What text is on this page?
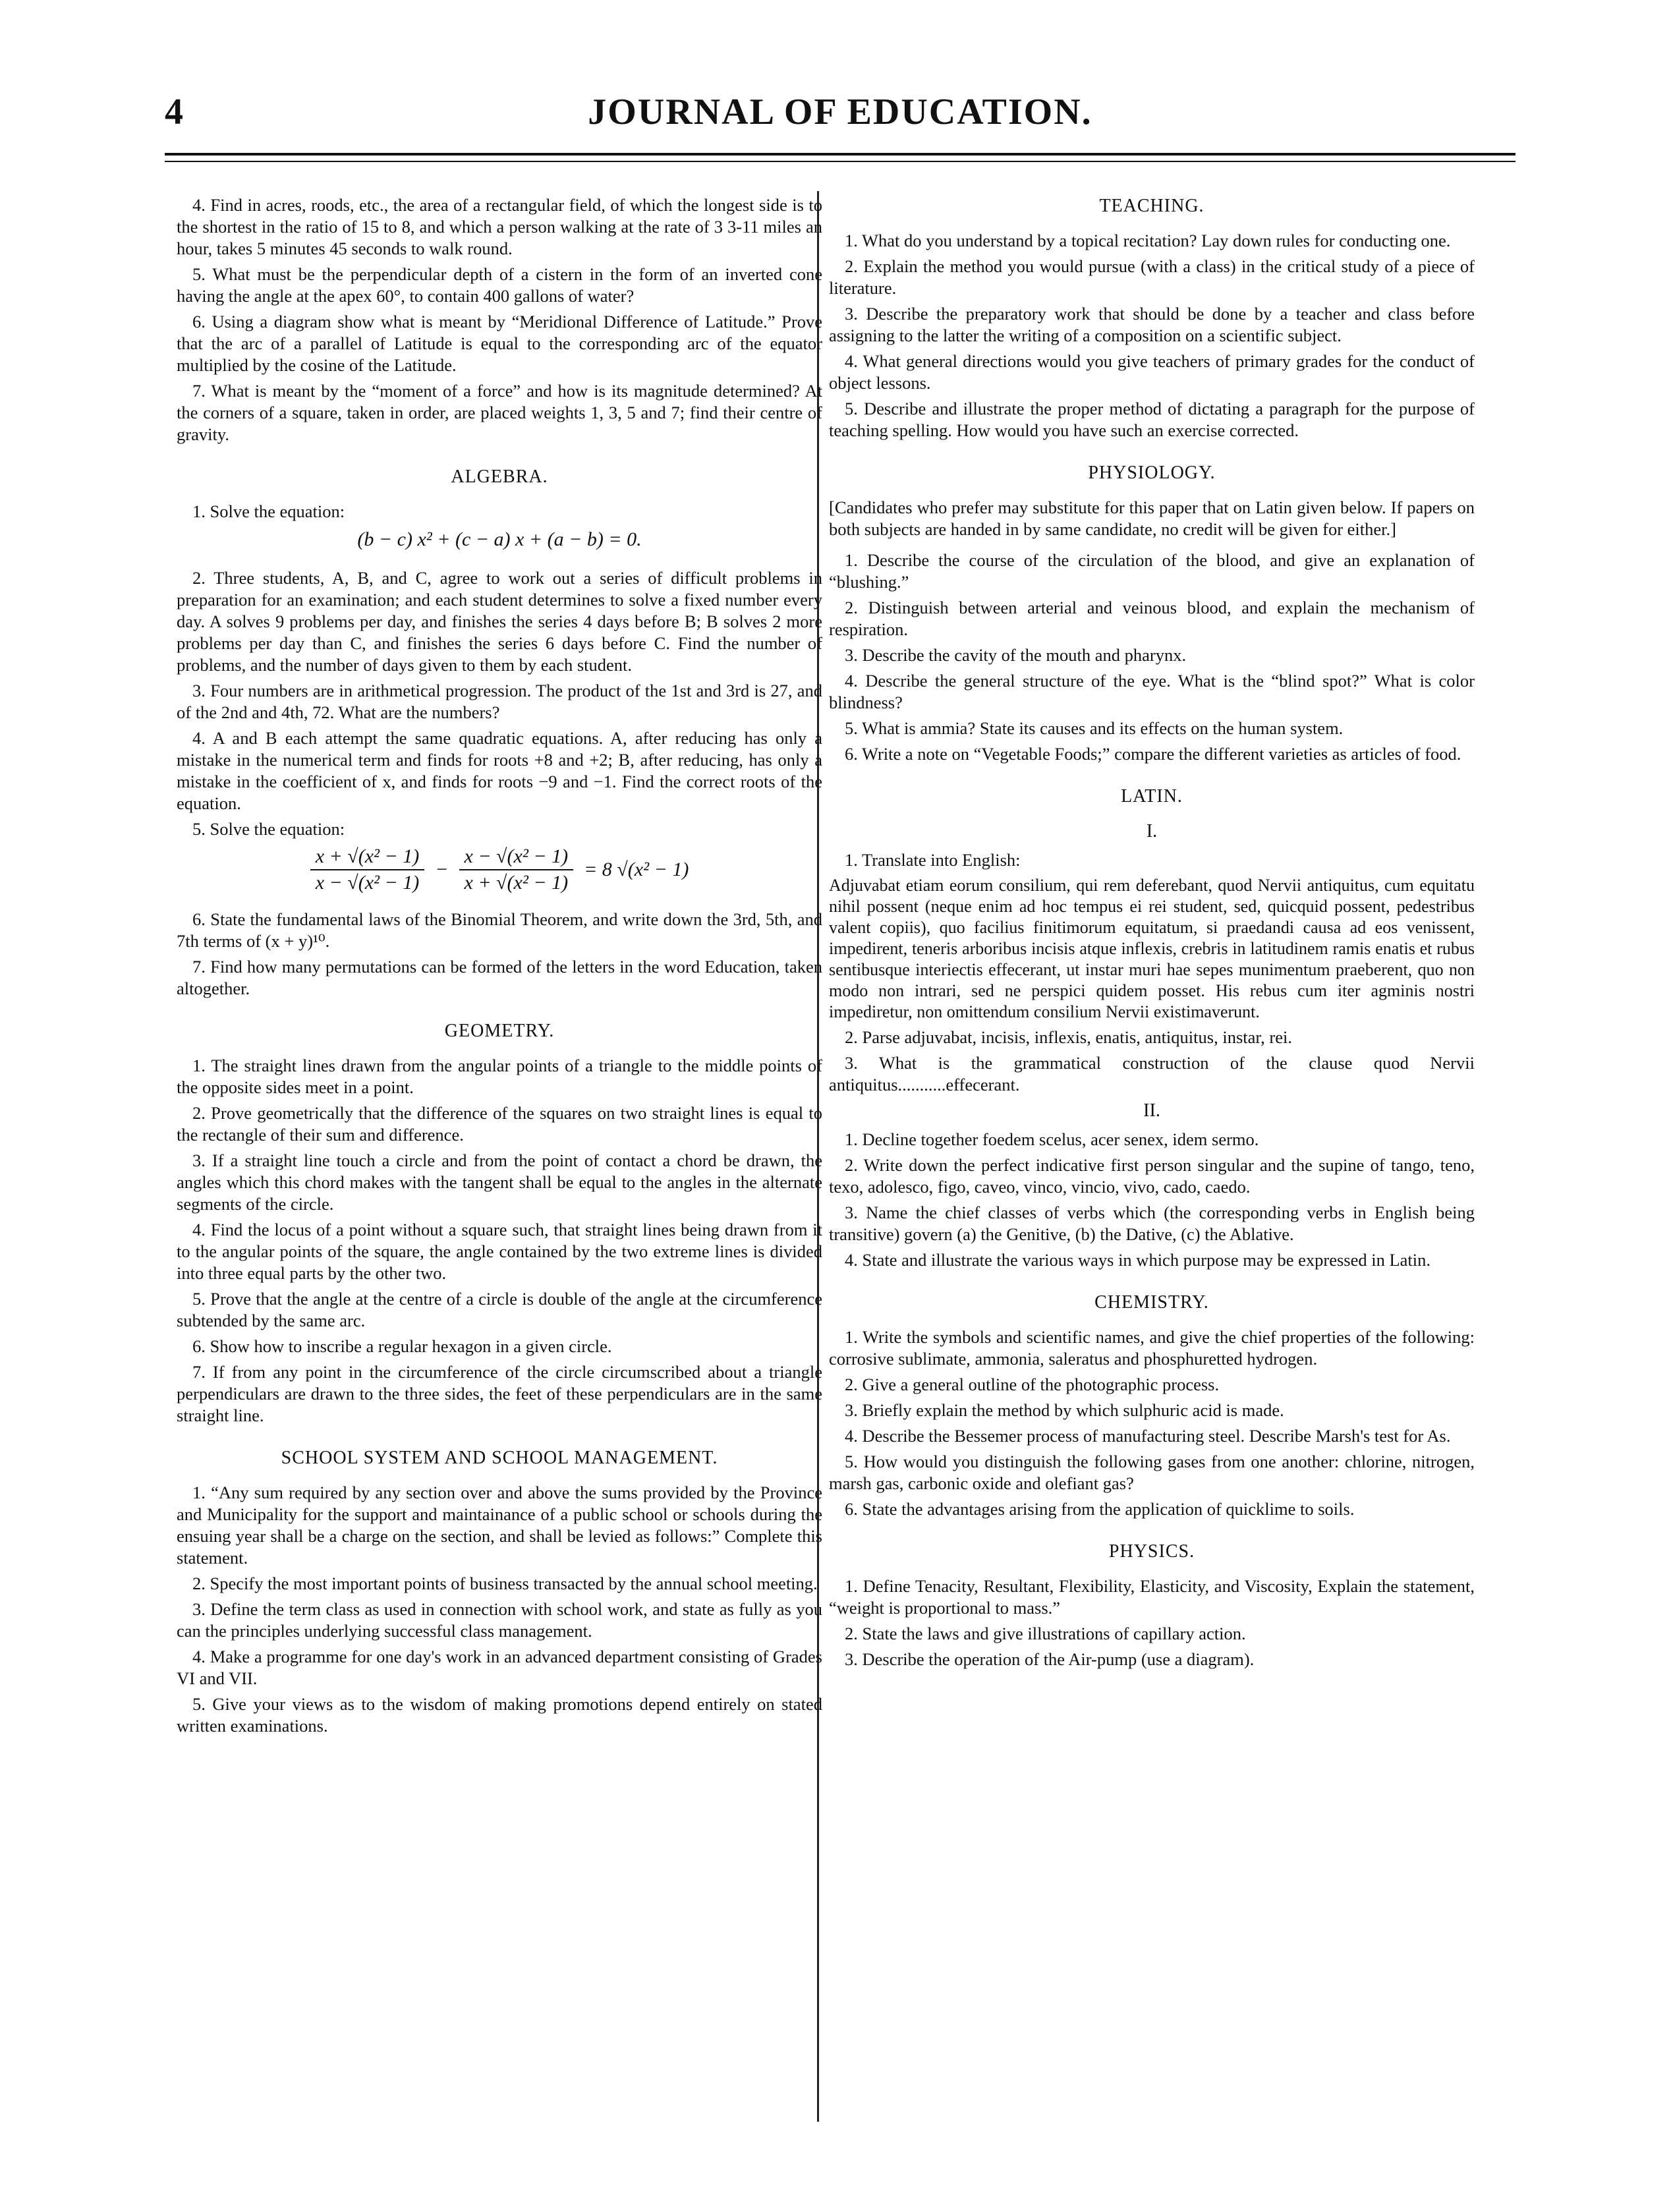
4	JOURNAL OF EDUCATION.

4. Find in acres, roods, etc., the area of a rectangular field, of which the longest side is to the shortest in the ratio of 15 to 8, and which a person walking at the rate of 3 3-11 miles an hour, takes 5 minutes 45 seconds to walk round.

5. What must be the perpendicular depth of a cistern in the form of an inverted cone having the angle at the apex 60°, to contain 400 gallons of water?

6. Using a diagram show what is meant by “Meridional Difference of Latitude.” Prove that the arc of a parallel of Latitude is equal to the corresponding arc of the equator multiplied by the cosine of the Latitude.

7. What is meant by the “moment of a force” and how is its magnitude determined? At the corners of a square, taken in order, are placed weights 1, 3, 5 and 7; find their centre of gravity.

ALGEBRA.

1. Solve the equation:

(b − c) x² + (c − a) x + (a − b) = 0.

2. Three students, A, B, and C, agree to work out a series of difficult problems in preparation for an examination; and each student determines to solve a fixed number every day. A solves 9 problems per day, and finishes the series 4 days before B; B solves 2 more problems per day than C, and finishes the series 6 days before C. Find the number of problems, and the number of days given to them by each student.

3. Four numbers are in arithmetical progression. The product of the 1st and 3rd is 27, and of the 2nd and 4th, 72. What are the numbers?

4. A and B each attempt the same quadratic equations. A, after reducing has only a mistake in the numerical term and finds for roots +8 and +2; B, after reducing, has only a mistake in the coefficient of x, and finds for roots −9 and −1. Find the correct roots of the equation.

5. Solve the equation:

$\frac{\text{x + √(x² − 1)}}{\text{x − √(x² − 1)}} - \frac{\text{x − √(x² − 1)}}{\text{x + √(x² − 1)}} = 8$ √(x² − 1)

6. State the fundamental laws of the Binomial Theorem, and write down the 3rd, 5th, and 7th terms of (x + y)¹⁰.

7. Find how many permutations can be formed of the letters in the word Education, taken altogether.

GEOMETRY.

1. The straight lines drawn from the angular points of a triangle to the middle points of the opposite sides meet in a point.

2. Prove geometrically that the difference of the squares on two straight lines is equal to the rectangle of their sum and difference.

3. If a straight line touch a circle and from the point of contact a chord be drawn, the angles which this chord makes with the tangent shall be equal to the angles in the alternate segments of the circle.

4. Find the locus of a point without a square such, that straight lines being drawn from it to the angular points of the square, the angle contained by the two extreme lines is divided into three equal parts by the other two.

5. Prove that the angle at the centre of a circle is double of the angle at the circumference subtended by the same arc.

6. Show how to inscribe a regular hexagon in a given circle.

7. If from any point in the circumference of the circle circumscribed about a triangle perpendiculars are drawn to the three sides, the feet of these perpendiculars are in the same straight line.

SCHOOL SYSTEM AND SCHOOL MANAGEMENT.

1. “Any sum required by any section over and above the sums provided by the Province and Municipality for the support and maintainance of a public school or schools during the ensuing year shall be a charge on the section, and shall be levied as follows:” Complete this statement.

2. Specify the most important points of business transacted by the annual school meeting.

3. Define the term class as used in connection with school work, and state as fully as you can the principles underlying successful class management.

4. Make a programme for one day's work in an advanced department consisting of Grades VI and VII.

5. Give your views as to the wisdom of making promotions depend entirely on stated written examinations.

TEACHING.

1. What do you understand by a topical recitation? Lay down rules for conducting one.

2. Explain the method you would pursue (with a class) in the critical study of a piece of literature.

3. Describe the preparatory work that should be done by a teacher and class before assigning to the latter the writing of a composition on a scientific subject.

4. What general directions would you give teachers of primary grades for the conduct of object lessons.

5. Describe and illustrate the proper method of dictating a paragraph for the purpose of teaching spelling. How would you have such an exercise corrected.

PHYSIOLOGY.

[Candidates who prefer may substitute for this paper that on Latin given below. If papers on both subjects are handed in by same candidate, no credit will be given for either.]

1. Describe the course of the circulation of the blood, and give an explanation of “blushing.”

2. Distinguish between arterial and veinous blood, and explain the mechanism of respiration.

3. Describe the cavity of the mouth and pharynx.

4. Describe the general structure of the eye. What is the “blind spot?” What is color blindness?

5. What is ammia? State its causes and its effects on the human system.

6. Write a note on “Vegetable Foods;” compare the different varieties as articles of food.

LATIN.
I.

1. Translate into English:

Adjuvabat etiam eorum consilium, qui rem deferebant, quod Nervii antiquitus, cum equitatu nihil possent (neque enim ad hoc tempus ei rei student, sed, quicquid possent, pedestribus valent copiis), quo facilius finitimorum equitatum, si praedandi causa ad eos venissent, impedirent, teneris arboribus incisis atque inflexis, crebris in latitudinem ramis enatis et rubus sentibusque interiectis effecerant, ut instar muri hae sepes munimentum praeberent, quo non modo non intrari, sed ne perspici quidem posset. His rebus cum iter agminis nostri impediretur, non omittendum consilium Nervii existimaverunt.

2. Parse adjuvabat, incisis, inflexis, enatis, antiquitus, instar, rei.

3. What is the grammatical construction of the clause quod Nervii antiquitus...........effecerant.

II.

1. Decline together foedem scelus, acer senex, idem sermo.

2. Write down the perfect indicative first person singular and the supine of tango, teno, texo, adolesco, figo, caveo, vinco, vincio, vivo, cado, caedo.

3. Name the chief classes of verbs which (the corresponding verbs in English being transitive) govern (a) the Genitive, (b) the Dative, (c) the Ablative.

4. State and illustrate the various ways in which purpose may be expressed in Latin.

CHEMISTRY.

1. Write the symbols and scientific names, and give the chief properties of the following: corrosive sublimate, ammonia, saleratus and phosphuretted hydrogen.

2. Give a general outline of the photographic process.

3. Briefly explain the method by which sulphuric acid is made.

4. Describe the Bessemer process of manufacturing steel. Describe Marsh's test for As.

5. How would you distinguish the following gases from one another: chlorine, nitrogen, marsh gas, carbonic oxide and olefiant gas?

6. State the advantages arising from the application of quicklime to soils.

PHYSICS.

1. Define Tenacity, Resultant, Flexibility, Elasticity, and Viscosity, Explain the statement, “weight is proportional to mass.”

2. State the laws and give illustrations of capillary action.

3. Describe the operation of the Air-pump (use a diagram).
